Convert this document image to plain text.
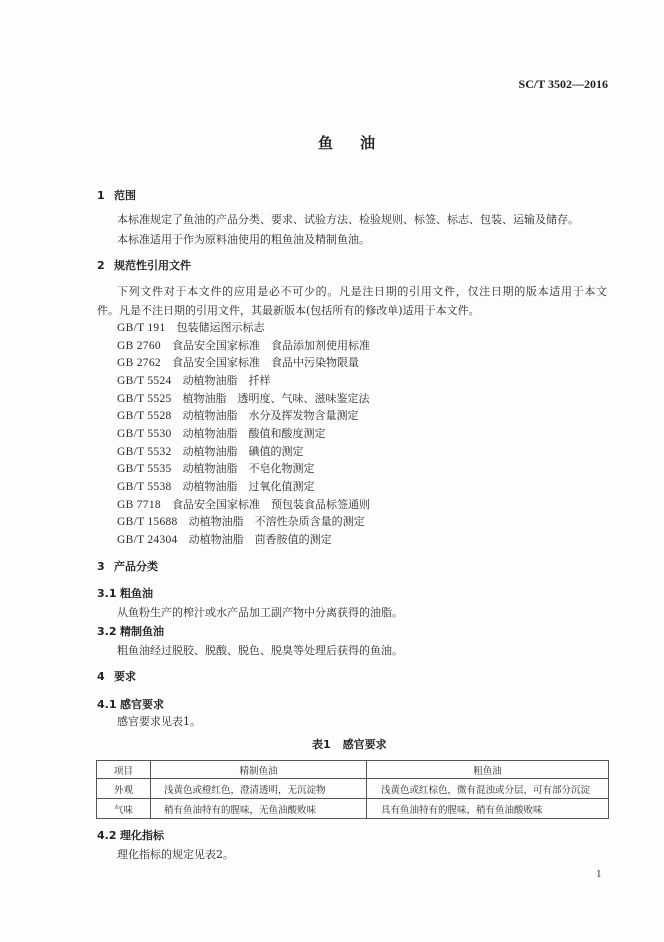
SC/T 3502—2016
鱼　油
1 范围
本标准规定了鱼油的产品分类、要求、试验方法、检验规则、标签、标志、包装、运输及储存。
本标准适用于作为原料油使用的粗鱼油及精制鱼油。
2 规范性引用文件
下列文件对于本文件的应用是必不可少的。凡是注日期的引用文件，仅注日期的版本适用于本文
件。凡是不注日期的引用文件，其最新版本(包括所有的修改单)适用于本文件。
GB/T 191 包装储运图示标志
GB 2760 食品安全国家标准　食品添加剂使用标准
GB 2762 食品安全国家标准　食品中污染物限量
GB/T 5524 动植物油脂　扦样
GB/T 5525 植物油脂　透明度、气味、滋味鉴定法
GB/T 5528 动植物油脂　水分及挥发物含量测定
GB/T 5530 动植物油脂　酸值和酸度测定
GB/T 5532 动植物油脂　碘值的测定
GB/T 5535 动植物油脂　不皂化物测定
GB/T 5538 动植物油脂　过氧化值测定
GB 7718 食品安全国家标准　预包装食品标签通则
GB/T 15688 动植物油脂　不溶性杂质含量的测定
GB/T 24304 动植物油脂　茴香胺值的测定
3 产品分类
3.1 粗鱼油
从鱼粉生产的榨汁或水产品加工副产物中分离获得的油脂。
3.2 精制鱼油
粗鱼油经过脱胶、脱酸、脱色、脱臭等处理后获得的鱼油。
4 要求
4.1 感官要求
感官要求见表1。
表1 感官要求
项目	精制鱼油	粗鱼油
外观	浅黄色或橙红色，澄清透明，无沉淀物	浅黄色或红棕色，微有混浊或分层，可有部分沉淀
气味	稍有鱼油特有的腥味，无鱼油酸败味	具有鱼油特有的腥味，稍有鱼油酸败味
4.2 理化指标
理化指标的规定见表2。
1
